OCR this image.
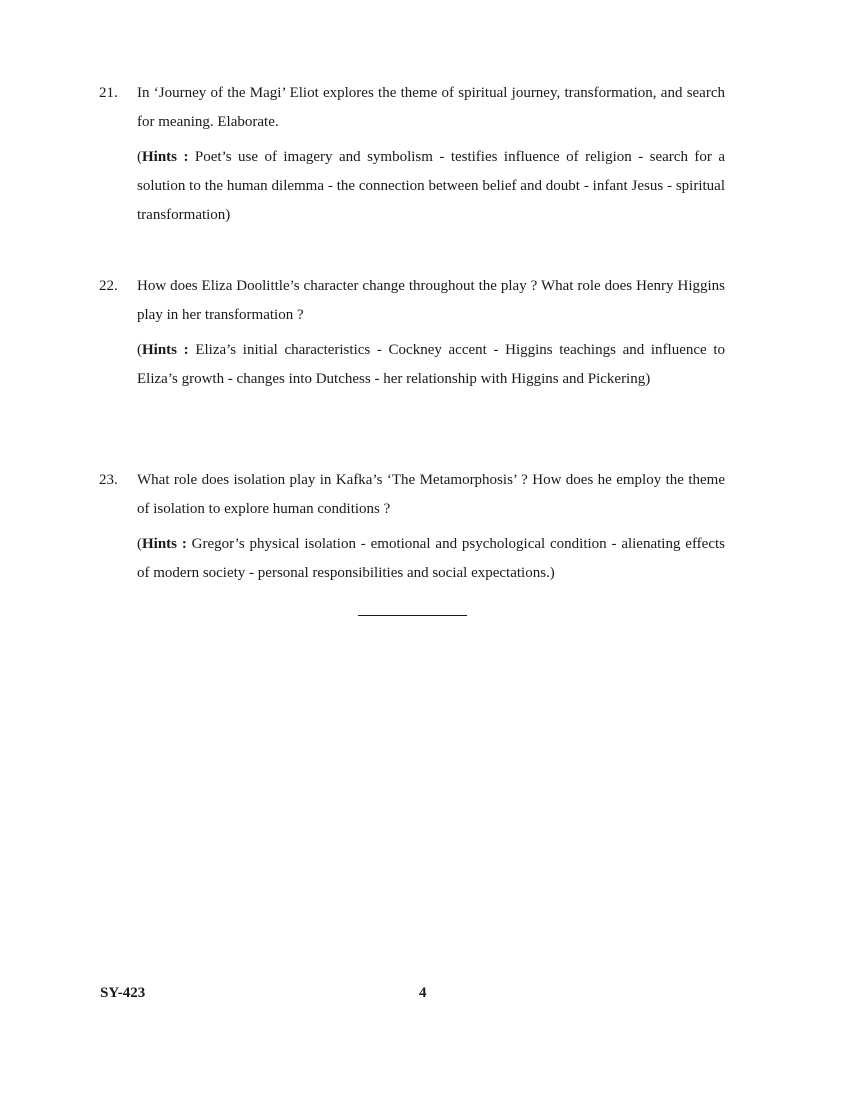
21.	In ‘Journey of the Magi’ Eliot explores the theme of spiritual journey, transformation, and search for meaning. Elaborate.
(Hints : Poet’s use of imagery and symbolism - testifies influence of religion - search for a solution to the human dilemma - the connection between belief and doubt - infant Jesus - spiritual transformation)
22.	How does Eliza Doolittle’s character change throughout the play ? What role does Henry Higgins play in her transformation ?
(Hints : Eliza’s initial characteristics - Cockney accent - Higgins teachings and influence to Eliza’s growth - changes into Dutchess - her relationship with Higgins and Pickering)
23.	What role does isolation play in Kafka’s ‘The Metamorphosis’ ? How does he employ the theme of isolation to explore human conditions ?
(Hints : Gregor’s physical isolation - emotional and psychological condition - alienating effects of modern society - personal responsibilities and social expectations.)
SY-423	4
